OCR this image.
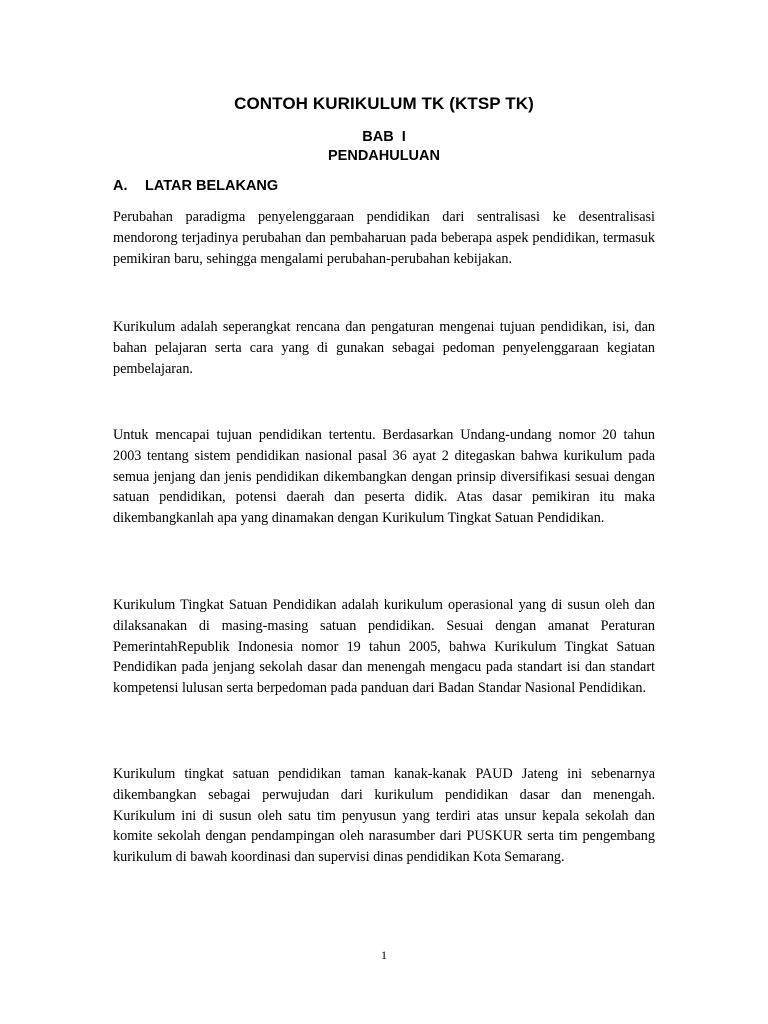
CONTOH KURIKULUM TK (KTSP TK)
BAB  I
PENDAHULUAN
A. LATAR BELAKANG

Perubahan paradigma penyelenggaraan pendidikan dari sentralisasi ke desentralisasi mendorong terjadinya perubahan dan pembaharuan pada beberapa aspek pendidikan, termasuk pemikiran baru, sehingga mengalami perubahan-perubahan kebijakan.

Kurikulum adalah seperangkat rencana dan pengaturan mengenai tujuan pendidikan, isi, dan bahan pelajaran serta cara yang di gunakan sebagai pedoman penyelenggaraan kegiatan pembelajaran.

Untuk mencapai tujuan pendidikan tertentu. Berdasarkan Undang-undang nomor 20 tahun 2003 tentang sistem pendidikan nasional pasal 36 ayat 2 ditegaskan bahwa kurikulum pada semua jenjang dan jenis pendidikan dikembangkan dengan prinsip diversifikasi sesuai dengan satuan pendidikan, potensi daerah dan peserta didik. Atas dasar pemikiran itu maka dikembangkanlah apa yang dinamakan dengan Kurikulum Tingkat Satuan Pendidikan.

Kurikulum Tingkat Satuan Pendidikan adalah kurikulum operasional yang di susun oleh dan dilaksanakan di masing-masing satuan pendidikan. Sesuai dengan amanat Peraturan PemerintahRepublik Indonesia nomor 19 tahun 2005, bahwa Kurikulum Tingkat Satuan Pendidikan pada jenjang sekolah dasar dan menengah mengacu pada standart isi dan standart kompetensi lulusan serta berpedoman pada panduan dari Badan Standar Nasional Pendidikan.

Kurikulum tingkat satuan pendidikan taman kanak-kanak PAUD Jateng ini sebenarnya dikembangkan sebagai perwujudan dari kurikulum pendidikan dasar dan menengah. Kurikulum ini di susun oleh satu tim penyusun yang terdiri atas unsur kepala sekolah dan komite sekolah dengan pendampingan oleh narasumber dari PUSKUR serta tim pengembang kurikulum di bawah koordinasi dan supervisi dinas pendidikan Kota Semarang.

1
